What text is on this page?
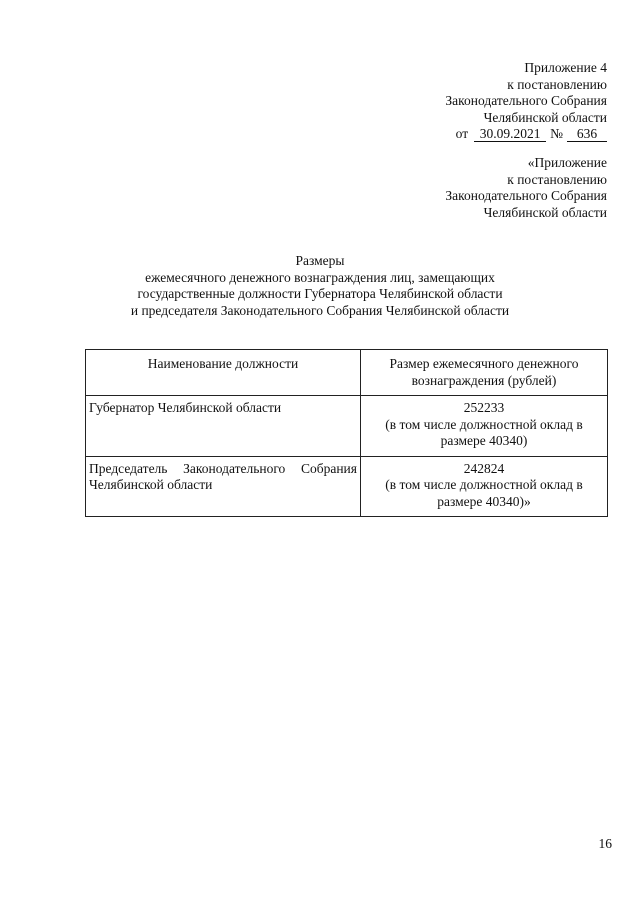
Приложение 4
к постановлению
Законодательного Собрания
Челябинской области
от 30.09.2021 №	636
«Приложение
к постановлению
Законодательного Собрания
Челябинской области
Размеры
ежемесячного денежного вознаграждения лиц, замещающих
государственные должности Губернатора Челябинской области
и председателя Законодательного Собрания Челябинской области
Наименование должности	Размер ежемесячного денежного вознаграждения (рублей)
Губернатор Челябинской области	252233
(в том числе должностной оклад в размере 40340)

Председатель Законодательного Собрания Челябинской области	242824
(в том числе должностной оклад в размере 40340)»
16
